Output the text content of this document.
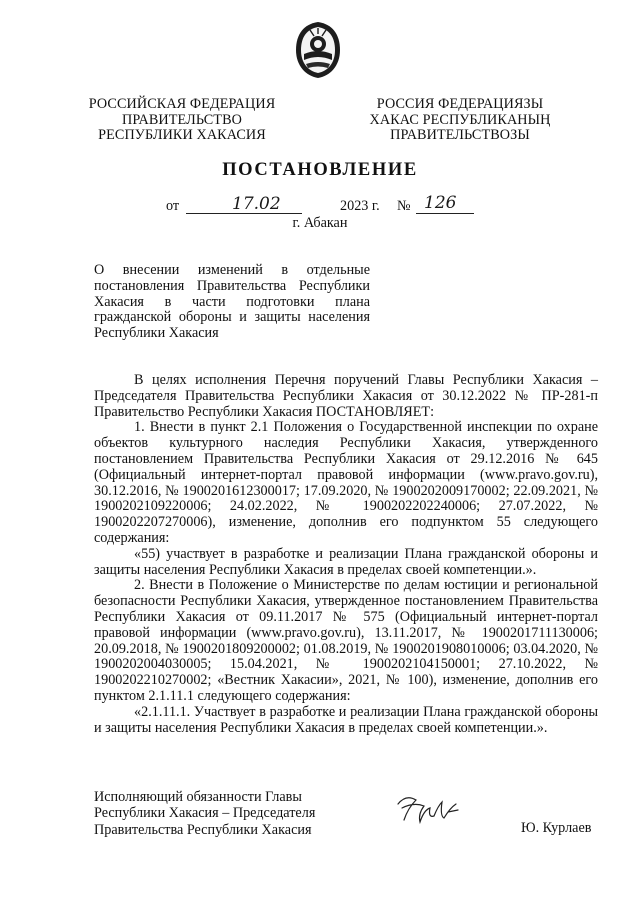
РОССИЙСКАЯ ФЕДЕРАЦИЯ
ПРАВИТЕЛЬСТВО
РЕСПУБЛИКИ ХАКАСИЯ
РОССИЯ ФЕДЕРАЦИЯЗЫ
ХАКАС РЕСПУБЛИКАНЫҢ
ПРАВИТЕЛЬСТВОЗЫ
ПОСТАНОВЛЕНИЕ
от	17.02	2023 г. № 126
г. Абакан
О внесении изменений в отдельные
постановления Правительства Республики
Хакасия в части подготовки плана
гражданской обороны и защиты населения
Республики Хакасия

В целях исполнения Перечня поручений Главы Республики Хакасия – Председателя Правительства Республики Хакасия от 30.12.2022 № ПР-281-п Правительство Республики Хакасия ПОСТАНОВЛЯЕТ:

1. Внести в пункт 2.1 Положения о Государственной инспекции по охране объектов культурного наследия Республики Хакасия, утвержденного постановлением Правительства Республики Хакасия от 29.12.2016 № 645 (Официальный интернет-портал правовой информации (www.pravo.gov.ru), 30.12.2016, № 1900201612300017; 17.09.2020, № 1900202009170002; 22.09.2021, № 1900202109220006; 24.02.2022, № 1900202202240006; 27.07.2022, № 1900202207270006), изменение, дополнив его подпунктом 55 следующего содержания:

«55) участвует в разработке и реализации Плана гражданской обороны и защиты населения Республики Хакасия в пределах своей компетенции.».

2. Внести в Положение о Министерстве по делам юстиции и региональной безопасности Республики Хакасия, утвержденное постановлением Правительства Республики Хакасия от 09.11.2017 № 575 (Официальный интернет-портал правовой информации (www.pravo.gov.ru), 13.11.2017, № 1900201711130006; 20.09.2018, № 1900201809200002; 01.08.2019, № 1900201908010006; 03.04.2020, № 1900202004030005; 15.04.2021, № 1900202104150001; 27.10.2022, № 1900202210270002; «Вестник Хакасии», 2021, № 100), изменение, дополнив его пунктом 2.1.11.1 следующего содержания:

«2.1.11.1. Участвует в разработке и реализации Плана гражданской обороны и защиты населения Республики Хакасия в пределах своей компетенции.».

Исполняющий обязанности Главы
Республики Хакасия – Председателя
Правительства Республики Хакасия	Ю. Курлаев
